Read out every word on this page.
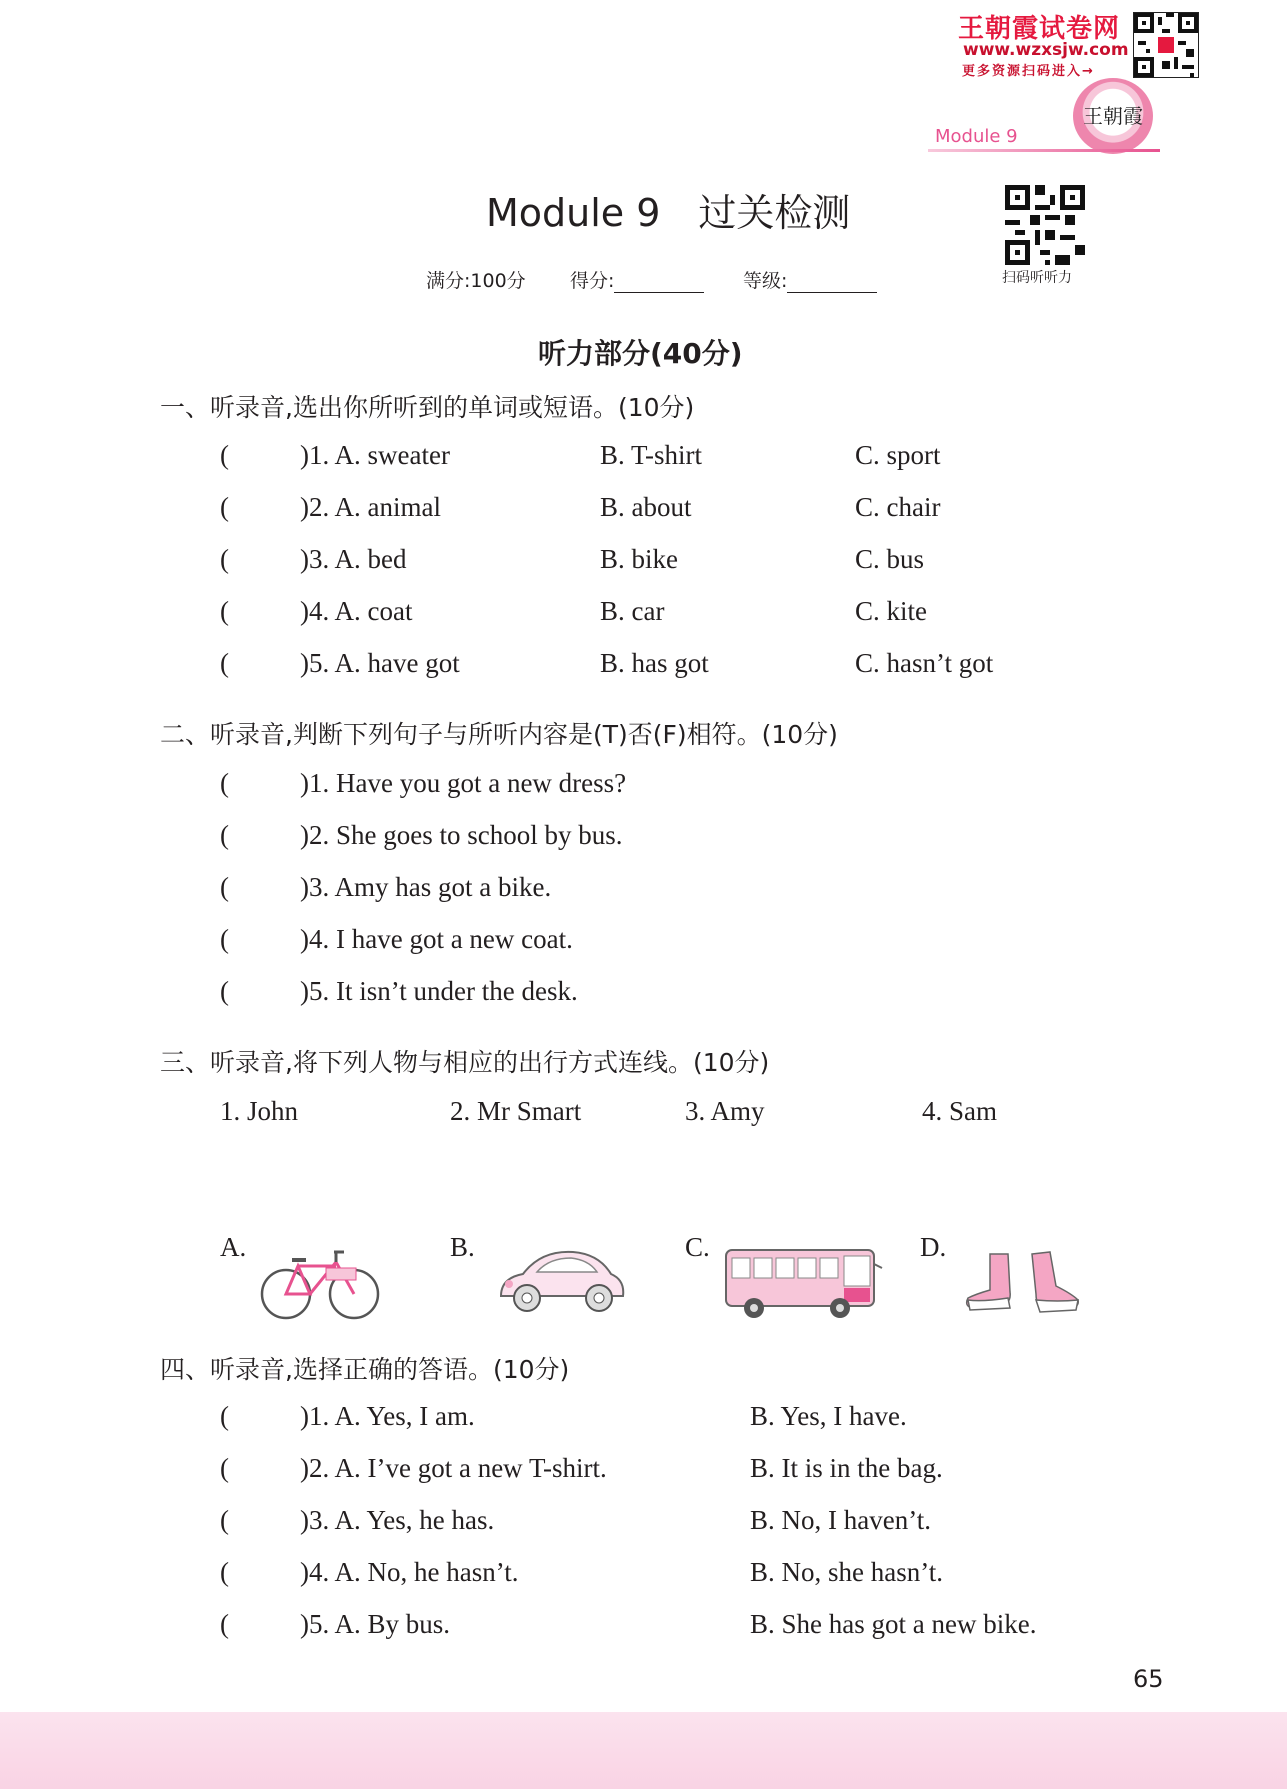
王朝霞试卷网
www.wzxsjw.com
更多资源扫码进入→
王朝霞
Module 9
Module 9　过关检测
扫码听听力
满分:100分 得分:	等级:
听力部分(40分)
一、听录音,选出你所听到的单词或短语。(10分)
(	)1. A. sweater	B. T-shirt	C. sport
(	)2. A. animal	B. about	C. chair
(	)3. A. bed	B. bike	C. bus
(	)4. A. coat	B. car	C. kite
(	)5. A. have got	B. has got	C. hasn’t got
二、听录音,判断下列句子与所听内容是(T)否(F)相符。(10分)
(	)1. Have you got a new dress?
(	)2. She goes to school by bus.
(	)3. Amy has got a bike.
(	)4. I have got a new coat.
(	)5. It isn’t under the desk.
三、听录音,将下列人物与相应的出行方式连线。(10分)
1. John	2. Mr Smart	3. Amy	4. Sam
A.	B.	C.	D.
四、听录音,选择正确的答语。(10分)
(	)1. A. Yes, I am.	B. Yes, I have.
(	)2. A. I’ve got a new T-shirt.	B. It is in the bag.
(	)3. A. Yes, he has.	B. No, I haven’t.
(	)4. A. No, he hasn’t.	B. No, she hasn’t.
(	)5. A. By bus.	B. She has got a new bike.
65
